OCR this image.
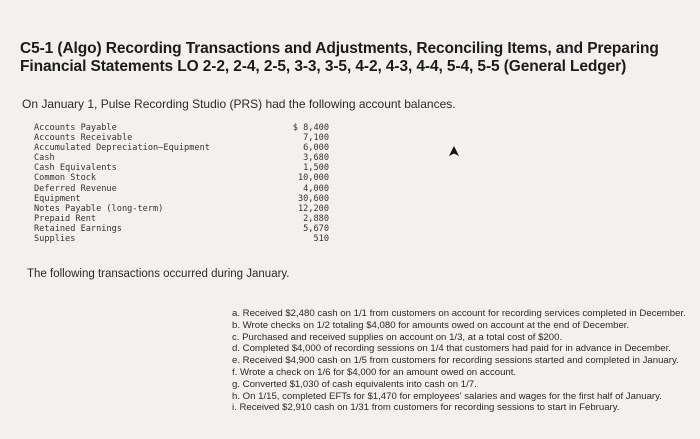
C5-1 (Algo) Recording Transactions and Adjustments, Reconciling Items, and Preparing Financial Statements LO 2-2, 2-4, 2-5, 3-3, 3-5, 4-2, 4-3, 4-4, 5-4, 5-5 (General Ledger)
On January 1, Pulse Recording Studio (PRS) had the following account balances.
Accounts Payable	$ 8,400
Accounts Receivable	7,100
Accumulated Depreciation—Equipment	6,000
Cash	3,680
Cash Equivalents	1,500
Common Stock	10,000
Deferred Revenue	4,000
Equipment	30,600
Notes Payable (long-term)	12,200
Prepaid Rent	2,880
Retained Earnings	5,670
Supplies	510
The following transactions occurred during January.
a. Received $2,480 cash on 1/1 from customers on account for recording services completed in December.
b. Wrote checks on 1/2 totaling $4,080 for amounts owed on account at the end of December.
c. Purchased and received supplies on account on 1/3, at a total cost of $200.
d. Completed $4,000 of recording sessions on 1/4 that customers had paid for in advance in December.
e. Received $4,900 cash on 1/5 from customers for recording sessions started and completed in January.
f. Wrote a check on 1/6 for $4,000 for an amount owed on account.
g. Converted $1,030 of cash equivalents into cash on 1/7.
h. On 1/15, completed EFTs for $1,470 for employees' salaries and wages for the first half of January.
i. Received $2,910 cash on 1/31 from customers for recording sessions to start in February.
